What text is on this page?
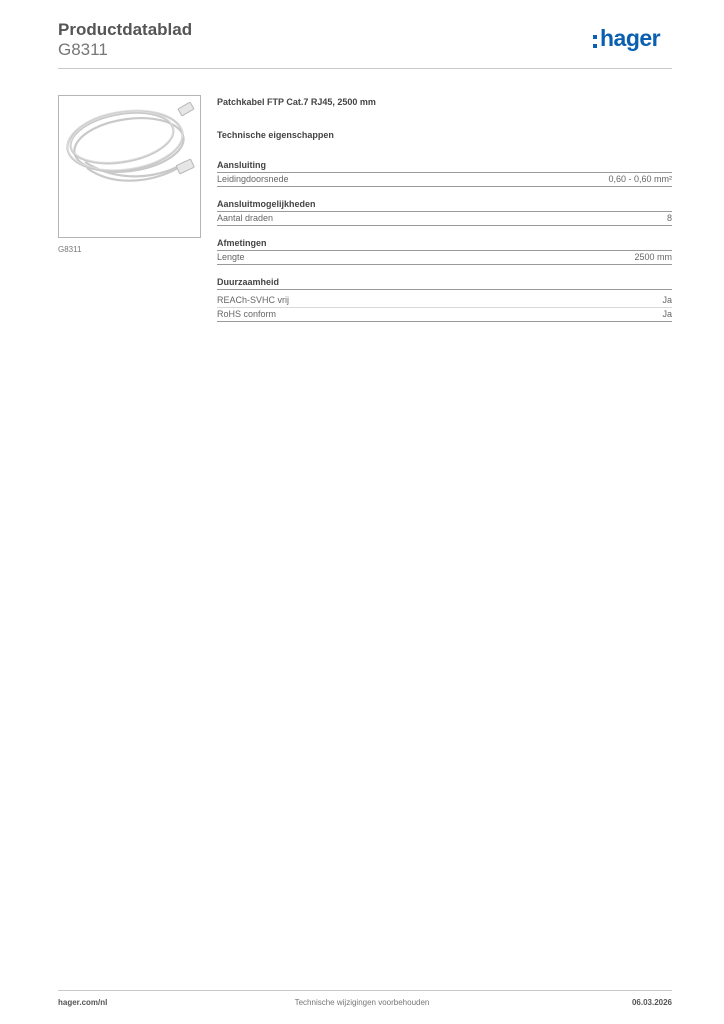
Productdatablad
G8311	hager
G8311
Patchkabel FTP Cat.7 RJ45, 2500 mm
Technische eigenschappen
Aansluiting
Leidingdoorsnede	0,60 - 0,60 mm²
Aansluitmogelijkheden
Aantal draden	8
Afmetingen
Lengte	2500 mm
Duurzaamheid
REACh-SVHC vrij	Ja
RoHS conform	Ja
hager.com/nl	Technische wijzigingen voorbehouden	06.03.2026
